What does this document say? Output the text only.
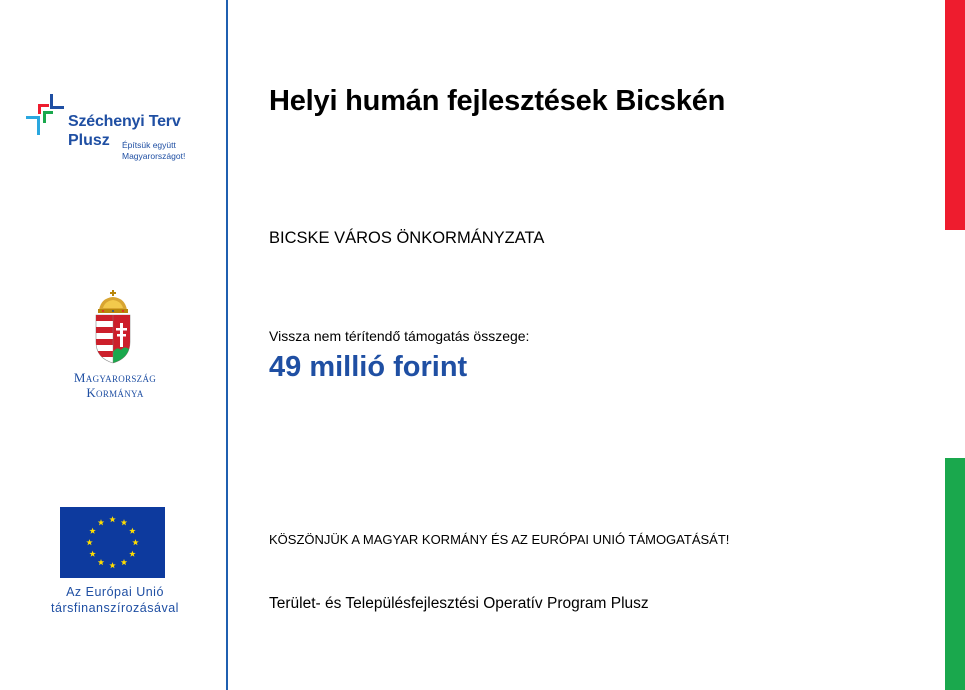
Széchenyi Terv
Plusz Építsük együtt
Magyarországot!
Magyarország
Kormánya
Az Európai Unió
társfinanszírozásával
Helyi humán fejlesztések Bicskén
BICSKE VÁROS ÖNKORMÁNYZATA
Vissza nem térítendő támogatás összege:
49 millió forint
KÖSZÖNJÜK A MAGYAR KORMÁNY ÉS AZ EURÓPAI UNIÓ TÁMOGATÁSÁT!
Terület- és Településfejlesztési Operatív Program Plusz
